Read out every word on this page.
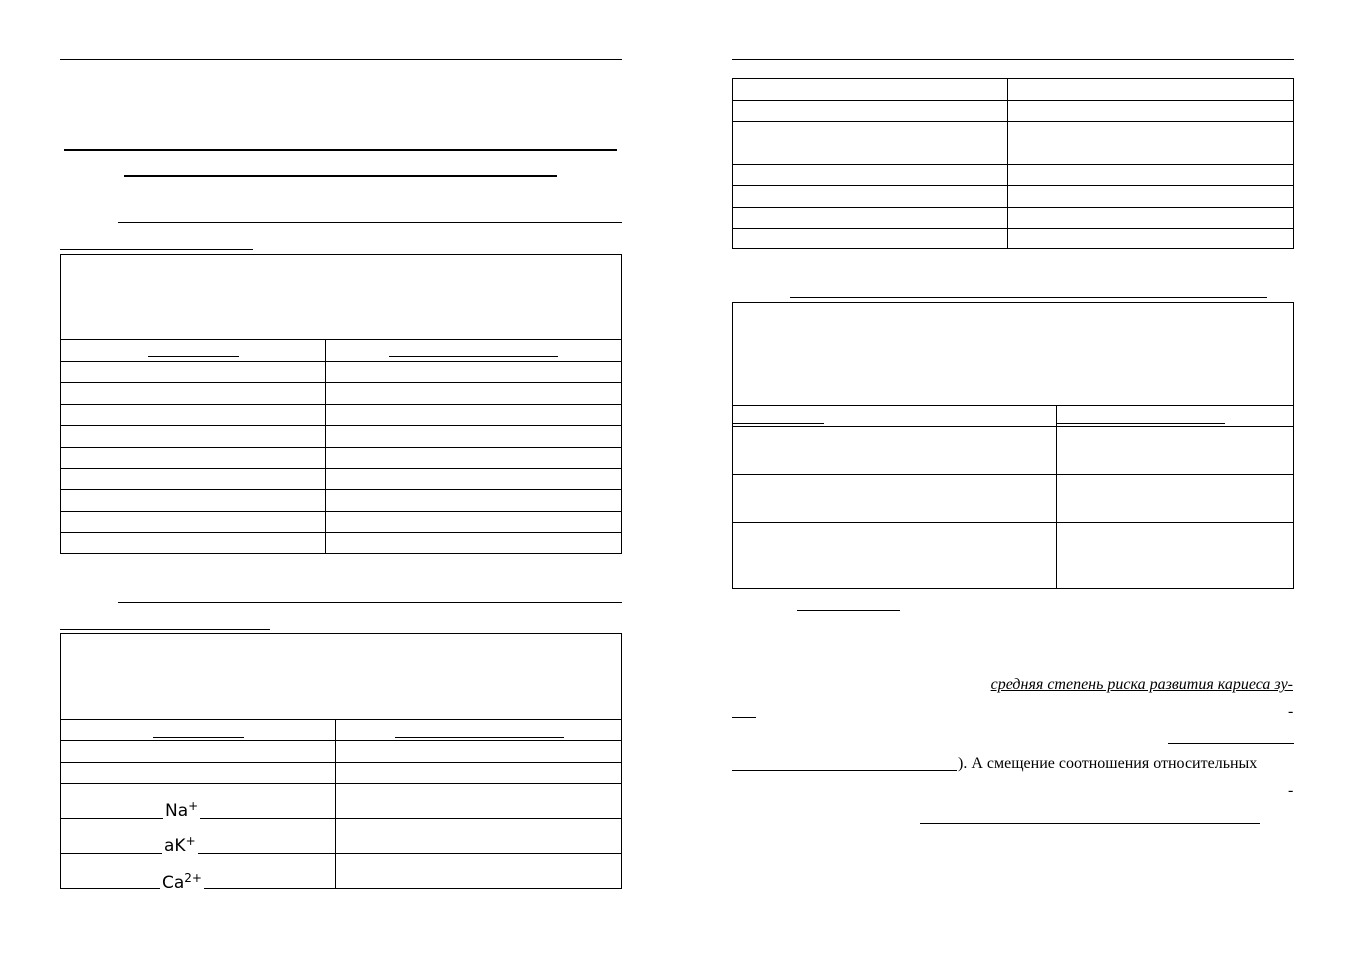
Na+
aK+
$Ca^{2+}$
средняя степень риска развития кариеса зу-
-
). А смещение соотношения относительных
-
